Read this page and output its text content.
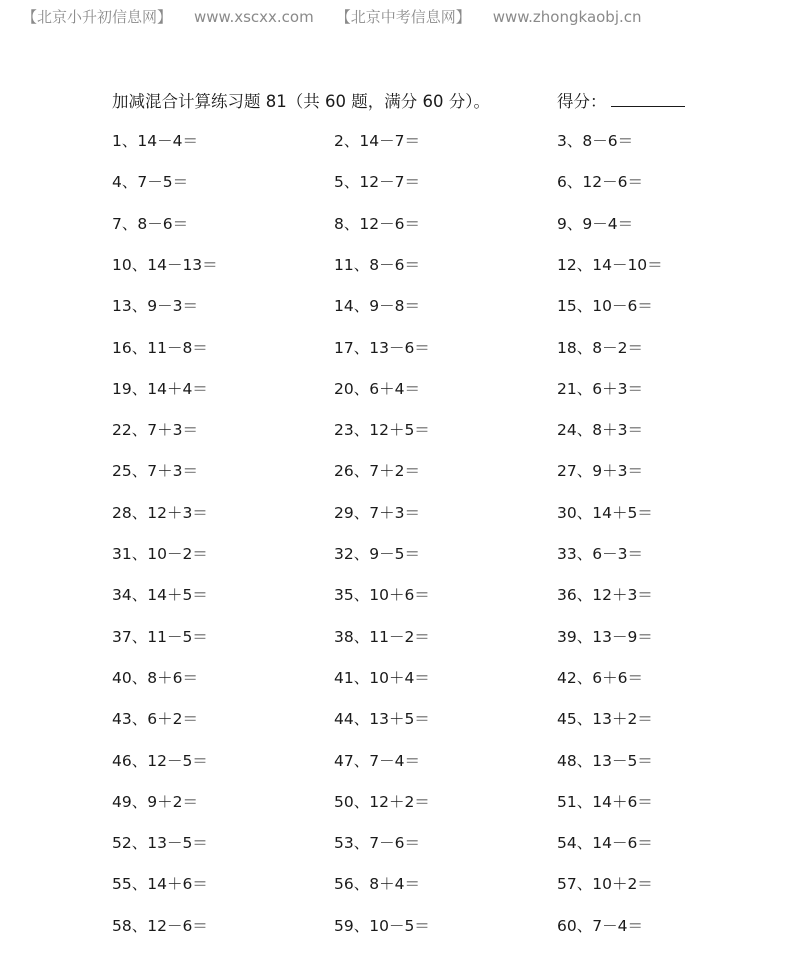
【北京小升初信息网】 www.xscxx.com 【北京中考信息网】 www.zhongkaobj.cn
加减混合计算练习题 81（共 60 题，满分 60 分）。	得分：
1、14－4＝	2、14－7＝	3、8－6＝
4、7－5＝	5、12－7＝	6、12－6＝
7、8－6＝	8、12－6＝	9、9－4＝
10、14－13＝	11、8－6＝	12、14－10＝
13、9－3＝	14、9－8＝	15、10－6＝
16、11－8＝	17、13－6＝	18、8－2＝
19、14＋4＝	20、6＋4＝	21、6＋3＝
22、7＋3＝	23、12＋5＝	24、8＋3＝
25、7＋3＝	26、7＋2＝	27、9＋3＝
28、12＋3＝	29、7＋3＝	30、14＋5＝
31、10－2＝	32、9－5＝	33、6－3＝
34、14＋5＝	35、10＋6＝	36、12＋3＝
37、11－5＝	38、11－2＝	39、13－9＝
40、8＋6＝	41、10＋4＝	42、6＋6＝
43、6＋2＝	44、13＋5＝	45、13＋2＝
46、12－5＝	47、7－4＝	48、13－5＝
49、9＋2＝	50、12＋2＝	51、14＋6＝
52、13－5＝	53、7－6＝	54、14－6＝
55、14＋6＝	56、8＋4＝	57、10＋2＝
58、12－6＝	59、10－5＝	60、7－4＝
